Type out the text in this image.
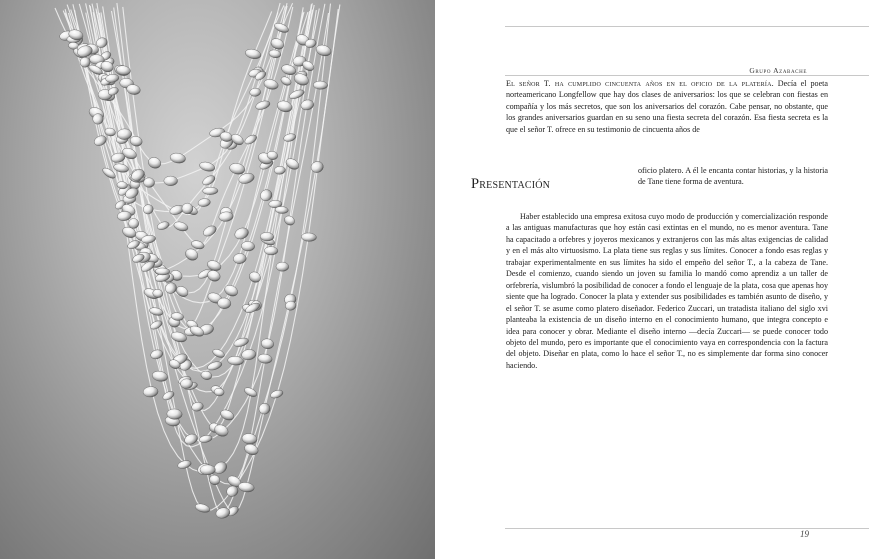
Grupo Azabache

El señor T. ha cumplido cincuenta años en el oficio de la platería. Decía el poeta norteamericano Longfellow que hay dos clases de aniversarios: los que se celebran con fiestas en compañía y los más secretos, que son los aniversarios del corazón. Cabe pensar, no obstante, que los grandes aniversarios guardan en su seno una fiesta secreta del corazón. Esa fiesta secreta es la que el señor T. ofrece en su testimonio de cincuenta años de

Presentación

oficio platero. A él le encanta contar historias, y la historia de Tane tiene forma de aventura.

Haber establecido una empresa exitosa cuyo modo de producción y comercialización responde a las antiguas manufacturas que hoy están casi extintas en el mundo, no es menor aventura. Tane ha capacitado a orfebres y joyeros mexicanos y extranjeros con las más altas exigencias de calidad y en el más alto virtuosismo. La plata tiene sus reglas y sus límites. Conocer a fondo esas reglas y trabajar experimentalmente en sus límites ha sido el empeño del señor T., a la cabeza de Tane. Desde el comienzo, cuando siendo un joven su familia lo mandó como aprendiz a un taller de orfebrería, vislumbró la posibilidad de conocer a fondo el lenguaje de la plata, cosa que apenas hoy siente que ha logrado. Conocer la plata y extender sus posibilidades es también asunto de diseño, y el señor T. se asume como platero diseñador. Federico Zuccari, un tratadista italiano del siglo xvi planteaba la existencia de un diseño interno en el conocimiento humano, que integra concepto e idea para conocer y obrar. Mediante el diseño interno —decía Zuccari— se puede conocer todo objeto del mundo, pero es importante que el conocimiento vaya en correspondencia con la factura del objeto. Diseñar en plata, como lo hace el señor T., no es simplemente dar forma sino conocer haciendo.

19
